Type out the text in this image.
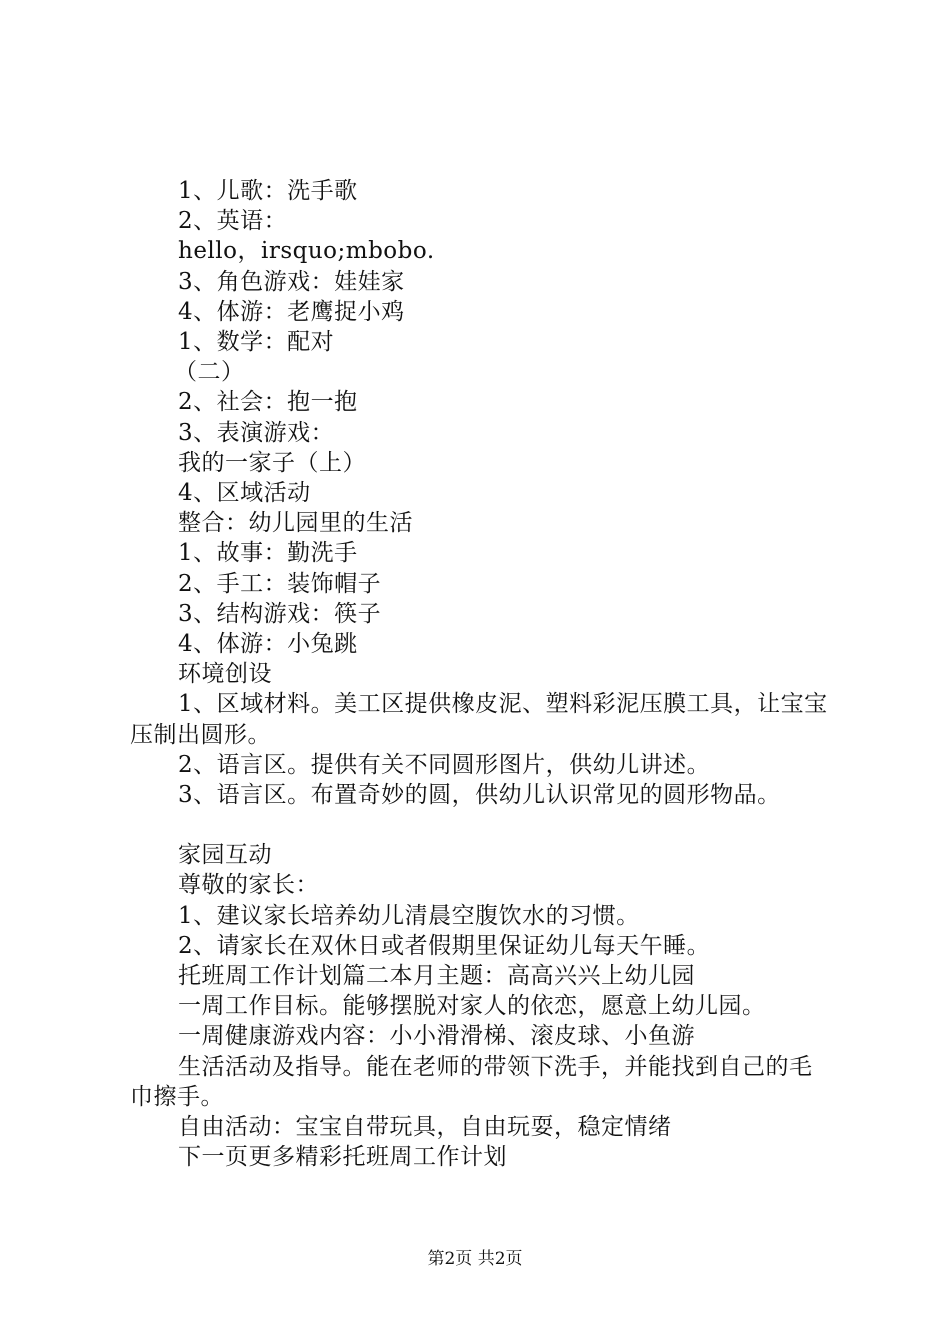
1、儿歌：洗手歌
2、英语：
hello，irsquo;mbobo.
3、角色游戏：娃娃家
4、体游：老鹰捉小鸡
1、数学：配对
（二）
2、社会：抱一抱
3、表演游戏：
我的一家子（上）
4、区域活动
整合：幼儿园里的生活
1、故事：勤洗手
2、手工：装饰帽子
3、结构游戏：筷子
4、体游：小兔跳
环境创设
1、区域材料。美工区提供橡皮泥、塑料彩泥压膜工具，让宝宝压制出圆形。
2、语言区。提供有关不同圆形图片，供幼儿讲述。
3、语言区。布置奇妙的圆，供幼儿认识常见的圆形物品。
家园互动
尊敬的家长：
1、建议家长培养幼儿清晨空腹饮水的习惯。
2、请家长在双休日或者假期里保证幼儿每天午睡。
托班周工作计划篇二本月主题：高高兴兴上幼儿园
一周工作目标。能够摆脱对家人的依恋，愿意上幼儿园。
一周健康游戏内容：小小滑滑梯、滚皮球、小鱼游
生活活动及指导。能在老师的带领下洗手，并能找到自己的毛巾擦手。
自由活动：宝宝自带玩具，自由玩耍，稳定情绪
下一页更多精彩托班周工作计划
第2页 共2页
